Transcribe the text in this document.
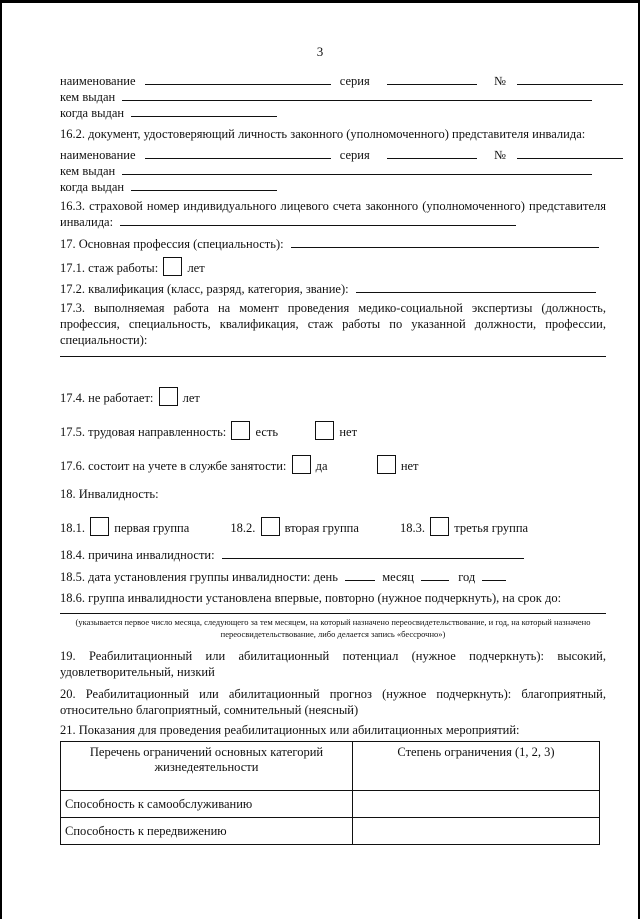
3
наименование	серия	№
кем выдан
когда выдан
16.2. документ, удостоверяющий личность законного (уполномоченного) представителя инвалида:
наименование	серия	№
кем выдан
когда выдан
16.3. страховой номер индивидуального лицевого счета законного (уполномоченного) представителя инвалида:
17. Основная профессия (специальность):
17.1. стаж работы: лет
17.2. квалификация (класс, разряд, категория, звание):
17.3. выполняемая работа на момент проведения медико-социальной экспертизы (должность, профессия, специальность, квалификация, стаж работы по указанной должности, профессии, специальности):
17.4. не работает: лет
17.5. трудовая направленность: есть	нет
17.6. состоит на учете в службе занятости: да	нет
18. Инвалидность:
18.1. первая группа	18.2. вторая группа	18.3. третья группа
18.4. причина инвалидности:
18.5. дата установления группы инвалидности: день	месяц	год
18.6. группа инвалидности установлена впервые, повторно (нужное подчеркнуть), на срок до:
(указывается первое число месяца, следующего за тем месяцем, на который назначено переосвидетельствование, и год, на который назначено переосвидетельствование, либо делается запись «бессрочно»)
19. Реабилитационный или абилитационный потенциал (нужное подчеркнуть): высокий, удовлетворительный, низкий
20. Реабилитационный или абилитационный прогноз (нужное подчеркнуть): благоприятный, относительно благоприятный, сомнительный (неясный)
21. Показания для проведения реабилитационных или абилитационных мероприятий:
Перечень ограничений основных категорий жизнедеятельности	Степень ограничения (1, 2, 3)
Способность к самообслуживанию	
Способность к передвижению	
